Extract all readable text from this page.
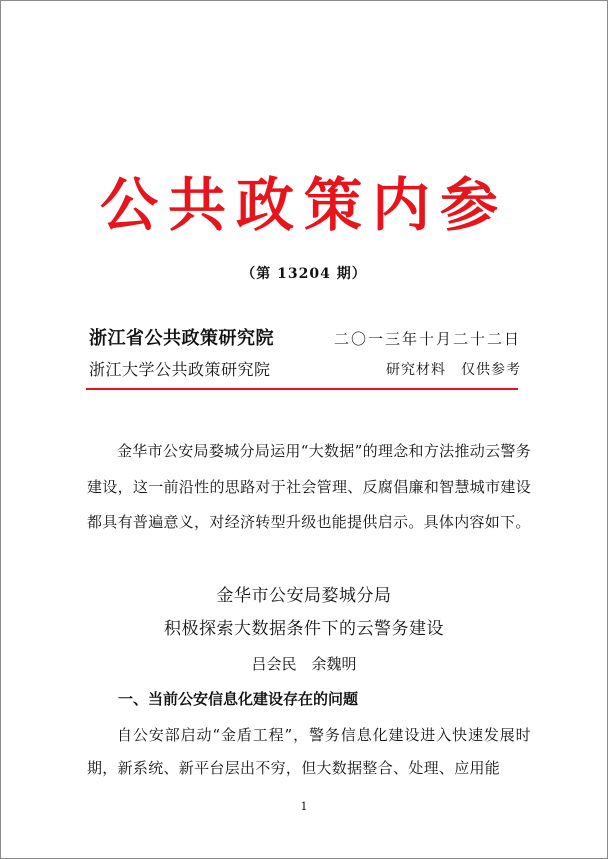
公共政策内参
（第 13204 期）
浙江省公共政策研究院	二〇一三年十月二十二日
浙江大学公共政策研究院	研究材料　仅供参考
金华市公安局婺城分局运用“大数据”的理念和方法推动云警务建设，这一前沿性的思路对于社会管理、反腐倡廉和智慧城市建设都具有普遍意义，对经济转型升级也能提供启示。具体内容如下。
金华市公安局婺城分局
积极探索大数据条件下的云警务建设
吕会民　余魏明
一、当前公安信息化建设存在的问题
自公安部启动“金盾工程”，警务信息化建设进入快速发展时期，新系统、新平台层出不穷，但大数据整合、处理、应用能
1
